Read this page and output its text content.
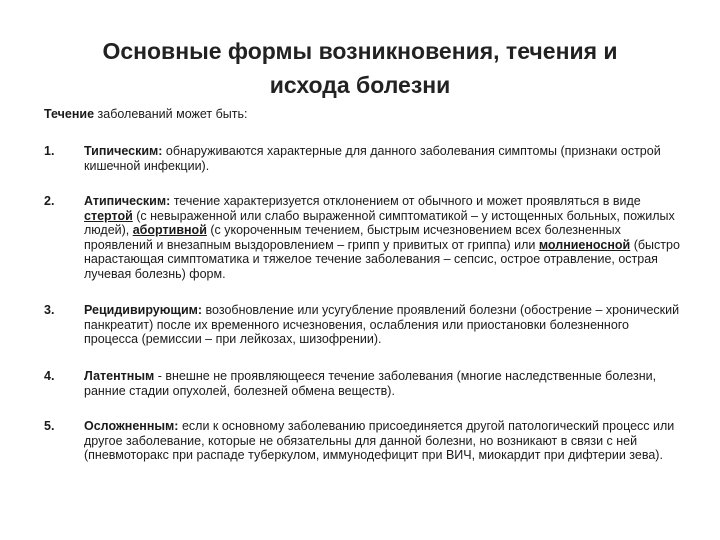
Основные формы возникновения, течения и
исхода болезни
Течение заболеваний может быть:
1.	Типическим: обнаруживаются характерные для данного заболевания симптомы (признаки острой кишечной инфекции).
2.	Атипическим: течение характеризуется отклонением от обычного и может проявляться в виде стертой (с невыраженной или слабо выраженной симптоматикой – у истощенных больных, пожилых людей), абортивной (с укороченным течением, быстрым исчезновением всех болезненных проявлений и внезапным выздоровлением – грипп у привитых от гриппа) или молниеносной (быстро нарастающая симптоматика и тяжелое течение заболевания – сепсис, острое отравление, острая лучевая болезнь) форм.
3.	Рецидивирующим: возобновление или усугубление проявлений болезни (обострение – хронический панкреатит) после их временного исчезновения, ослабления или приостановки болезненного процесса (ремиссии – при лейкозах, шизофрении).
4.	Латентным - внешне не проявляющееся течение заболевания (многие наследственные болезни, ранние стадии опухолей, болезней обмена веществ).
5.	Осложненным: если к основному заболеванию присоединяется другой патологический процесс или другое заболевание, которые не обязательны для данной болезни, но возникают в связи с ней (пневмоторакс при распаде туберкулом, иммунодефицит при ВИЧ, миокардит при дифтерии зева).
